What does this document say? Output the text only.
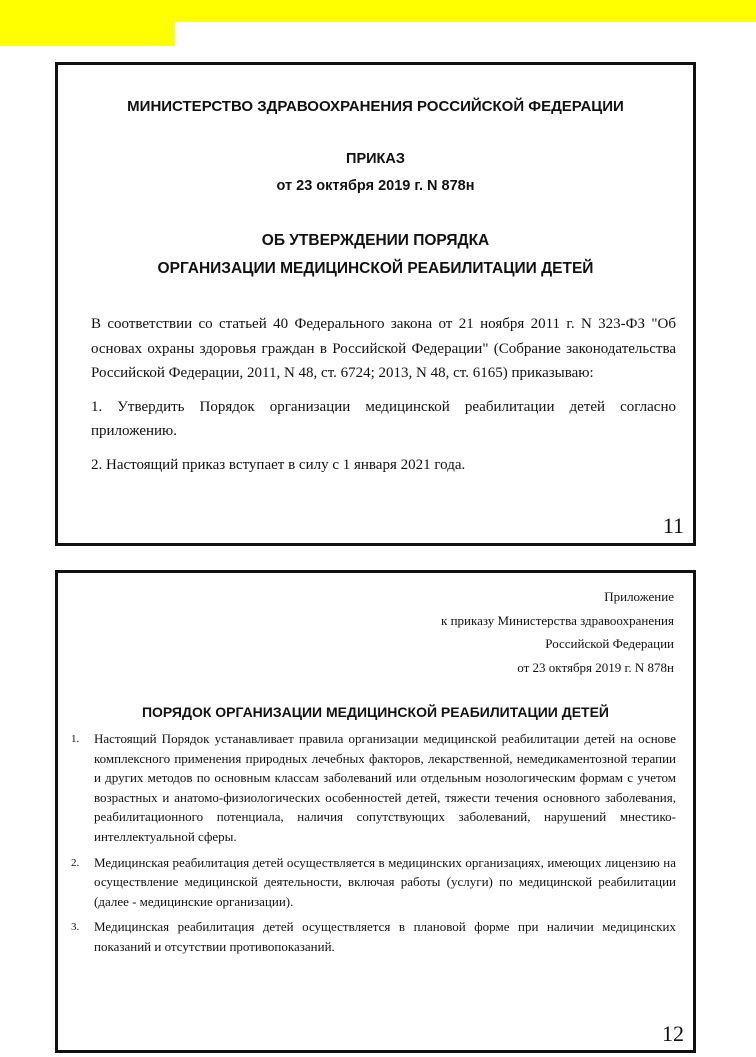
МИНИСТЕРСТВО ЗДРАВООХРАНЕНИЯ РОССИЙСКОЙ ФЕДЕРАЦИИ
ПРИКАЗ
от 23 октября 2019 г. N 878н
ОБ УТВЕРЖДЕНИИ ПОРЯДКА
ОРГАНИЗАЦИИ МЕДИЦИНСКОЙ РЕАБИЛИТАЦИИ ДЕТЕЙ

В соответствии со статьей 40 Федерального закона от 21 ноября 2011 г. N 323-ФЗ "Об основах охраны здоровья граждан в Российской Федерации" (Собрание законодательства Российской Федерации, 2011, N 48, ст. 6724; 2013, N 48, ст. 6165) приказываю:

1. Утвердить Порядок организации медицинской реабилитации детей согласно приложению.

2. Настоящий приказ вступает в силу с 1 января 2021 года.

11
Приложение
к приказу Министерства здравоохранения
Российской Федерации
от 23 октября 2019 г. N 878н
ПОРЯДОК ОРГАНИЗАЦИИ МЕДИЦИНСКОЙ РЕАБИЛИТАЦИИ ДЕТЕЙ
1. Настоящий Порядок устанавливает правила организации медицинской реабилитации детей на основе комплексного применения природных лечебных факторов, лекарственной, немедикаментозной терапии и других методов по основным классам заболеваний или отдельным нозологическим формам с учетом возрастных и анатомо-физиологических особенностей детей, тяжести течения основного заболевания, реабилитационного потенциала, наличия сопутствующих заболеваний, нарушений мнестико-интеллектуальной сферы.
2. Медицинская реабилитация детей осуществляется в медицинских организациях, имеющих лицензию на осуществление медицинской деятельности, включая работы (услуги) по медицинской реабилитации (далее - медицинские организации).
3. Медицинская реабилитация детей осуществляется в плановой форме при наличии медицинских показаний и отсутствии противопоказаний.
12
